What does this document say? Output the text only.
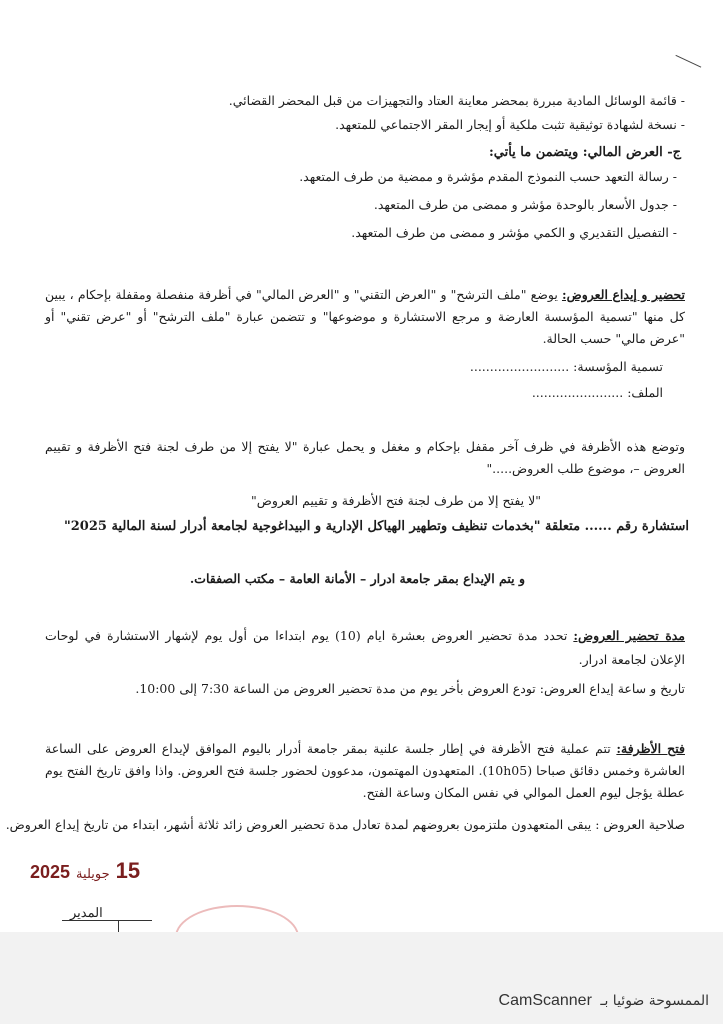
- قائمة الوسائل المادية مبررة بمحضر معاينة العتاد والتجهيزات من قبل المحضر القضائي.
- نسخة لشهادة توثيقية تثبت ملكية أو إيجار المقر الاجتماعي للمتعهد.
ج- العرض المالي: ويتضمن ما يأتي:
- رسالة التعهد حسب النموذج المقدم مؤشرة و ممضية من طرف المتعهد.
- جدول الأسعار بالوحدة مؤشر و ممضى من طرف المتعهد.
- التفصيل التقديري و الكمي مؤشر و ممضى من طرف المتعهد.
تحضير و إيداع العروض: يوضع "ملف الترشح" و "العرض التقني" و "العرض المالي" في أظرفة منفصلة ومقفلة بإحكام ، يبين كل منها "تسمية المؤسسة العارضة و مرجع الاستشارة و موضوعها" و تتضمن عبارة "ملف الترشح" أو "عرض تقني" أو "عرض مالي" حسب الحالة.
تسمية المؤسسة: .........................
الملف: .......................
وتوضع هذه الأظرفة في ظرف آخر مقفل بإحكام و مغفل و يحمل عبارة "لا يفتح إلا من طرف لجنة فتح الأظرفة و تقييم العروض –، موضوع طلب العروض....."
"لا يفتح إلا من طرف لجنة فتح الأظرفة و تقييم العروض"
استشارة رقم ...... متعلقة "بخدمات تنظيف وتطهير الهياكل الإدارية و البيداغوجية لجامعة أدرار لسنة المالية 2025"
و يتم الإيداع بمقر جامعة ادرار – الأمانة العامة – مكتب الصفقات.
مدة تحضير العروض: تحدد مدة تحضير العروض بعشرة ايام (10) يوم ابتداءا من أول يوم لإشهار الاستشارة في لوحات الإعلان لجامعة ادرار.
تاريخ و ساعة إيداع العروض: تودع العروض بأخر يوم من مدة تحضير العروض من الساعة 7:30 إلى 10:00.
فتح الأظرفة: تتم عملية فتح الأظرفة في إطار جلسة علنية بمقر جامعة أدرار باليوم الموافق لإيداع العروض على الساعة العاشرة وخمس دقائق صباحا (10h05). المتعهدون المهتمون، مدعوون لحضور جلسة فتح العروض. واذا وافق تاريخ الفتح يوم عطلة يؤجل ليوم العمل الموالي في نفس المكان وساعة الفتح.
صلاحية العروض : يبقى المتعهدون ملتزمون بعروضهم لمدة تعادل مدة تحضير العروض زائد ثلاثة أشهر، ابتداء من تاريخ إيداع العروض.
15جويلية2025
المدير
الممسوحة ضوئيا بـ CamScanner
